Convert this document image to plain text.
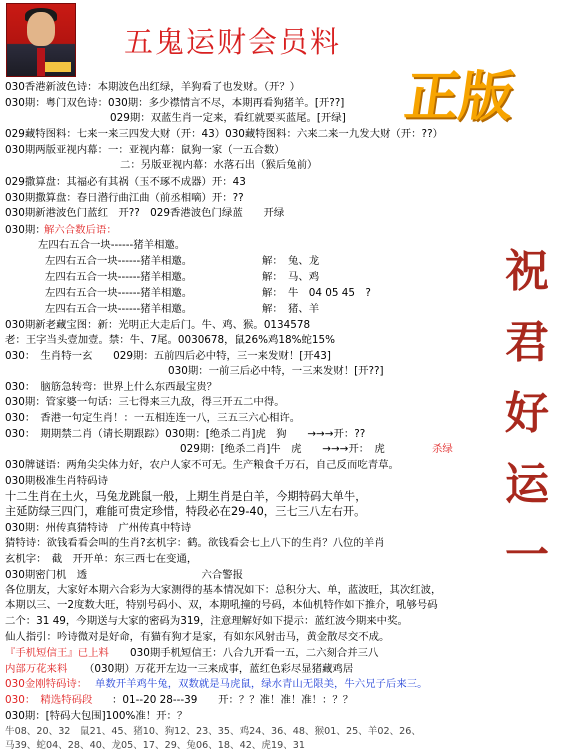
五鬼运财会员料
正版
祝
君
好
运
一
030香港新波色诗：本期波色出红绿，羊狗看了也发财。（开？）
030期：粤门双色诗：030期：多少襟情言不尽，本期再看狗猪羊。[开??]
029期：双蓝生肖一定来，看红就要买蓝尾。[开绿]
029藏特图料：七来一来三四发大财（开：43）030藏特图料：六来二来一九发大财（开：??）
030期两版亚视内幕：一：亚视内幕：鼠狗一家（一五合数）
二：另版亚视内幕：水落石出（猴后兔前）
029撒算盘：其福必有其祸（玉不琢不成器）开：43
030期撒算盘：春日潜行曲江曲（前丞相嘀）开：??
030期新港波色门蓝红　开??　029香港波色门绿蓝　　开绿
030期：
解六合数后语：
左四右五合一块------猪羊相邀。
左四右五合一块------猪羊相邀。	解：　兔、龙
左四右五合一块------猪羊相邀。	解：　马、鸡
左四右五合一块------猪羊相邀。	解：　牛　04 05 45　?
左四右五合一块------猪羊相邀。	解：　猪、羊
030期新老藏宝图：新：光明正大走后门。牛、鸡、猴。0134578
老：王字当头壹加壹。禁：牛、7尾。0030678，鼠26%鸡18%蛇15%
030：　生肖特一玄　　029期：五前四后必中特，三一来发财！[开43]
030期：一前三后必中特，一三来发财！[开??]
030：　脑筋急转弯：世界上什么东西最宝贵？
030期：管家婆一句话：三七得来三九敌，得三开五二中得。
030：　香港一句定生肖！：一五相连连一八，三五三六心相许。
030：　期期禁二肖（请长期跟踪）030期：[绝杀二肖]虎　狗　　→→→开：??
029期：[绝杀二肖]牛　虎　　→→→开：　虎　	杀绿
030牌谜语：两角尖尖体力好，农户人家不可无。生产粮食千万石，自己反而吃青草。
030期极准生肖特码诗
十二生肖在土火，马兔龙跳鼠一般，上期生肖是白羊，今期特码大单牛，
主延防绿三四门，难能可贵定珍惜，特段必在29-40，三七三八左右开。
030期：州传真猜特诗　广州传真中特诗
猜特诗：欲钱看看会叫的生肖?玄机字：鹤。欲钱看会七上八下的生肖？八位的羊肖
玄机字：　截　开开单：东三西七在变通，
030期密门机　透　　　　　　　　　　　六合警报
各位朋友，大家好本期六合彩为大家测得的基本情况如下：总积分大、单，蓝波旺，其次红波，
本期以三、一2度数大旺，特别号码小、双，本期吼撞的号码，本仙机特作如下推介，吼够号码
二个：31 49，今期送与大家的密码为319，注意理解好如下提示：蓝红波今期来中奖。
仙人指引：吟诗微对是好命，有猫有狗才是家，有如东风射击马，黄金散尽交不成。
『手机短信王』已上料 030期手机短信王：八合九开看一五，二六刻合并三八
内部万花来料 （030期）万花开左边一三来成事，蓝红色彩尽显猪藏鸡居
030金刚特码诗： 单数开羊鸡牛兔，双数就是马虎鼠，绿水青山无限美，牛六兄子后来三。
030：　精选特码段 ：01--20 28---39　　开：？？准！准！准！：？？
030期：[特码大包围]100%准！开：？
牛08、20、32　鼠21、45、猪10、狗12、23、35、鸡24、36、48、猴01、25、羊02、26、
马39、蛇04、28、40、龙05、17、29、兔06、18、42、虎19、31
